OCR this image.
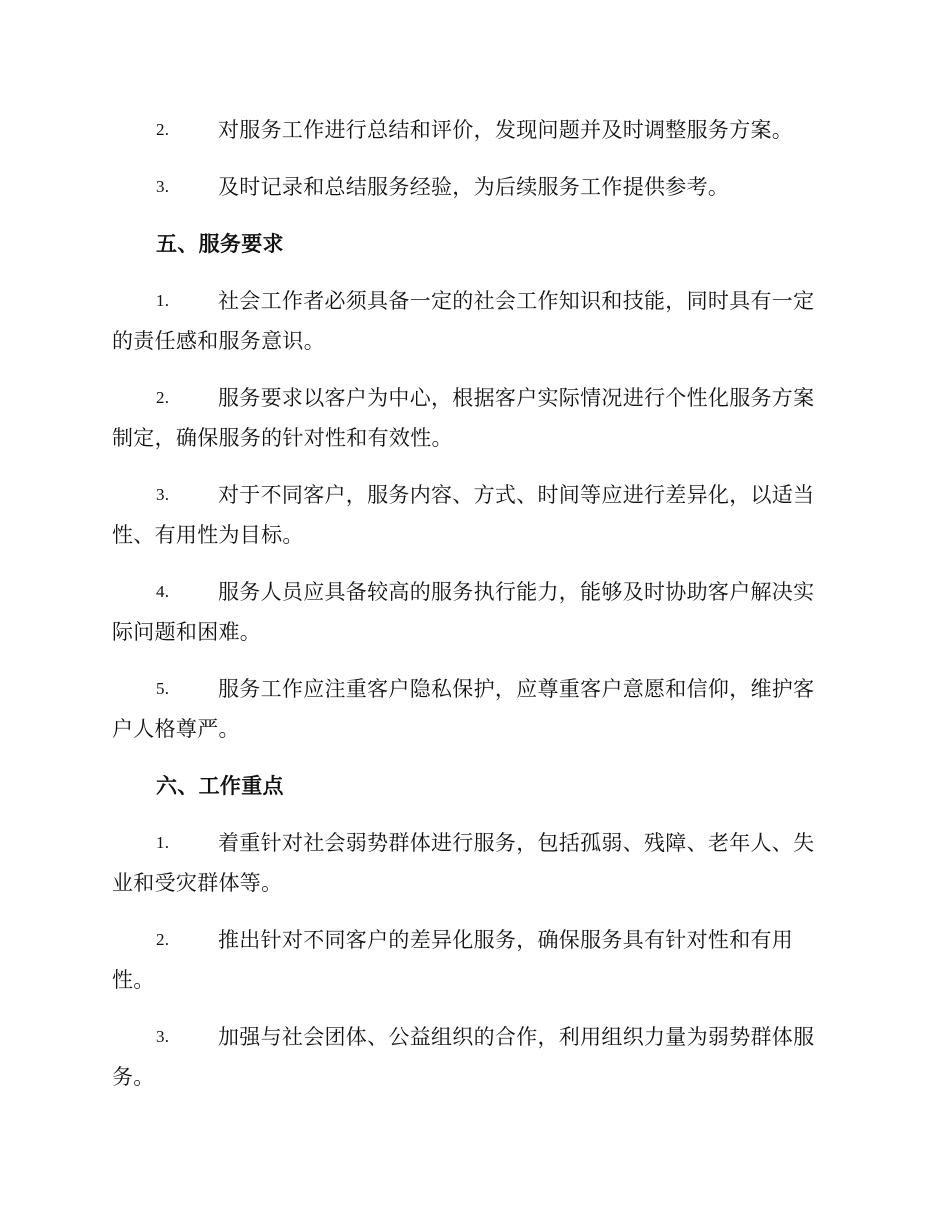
2. 对服务工作进行总结和评价，发现问题并及时调整服务方案。

3. 及时记录和总结服务经验，为后续服务工作提供参考。

五、服务要求

1. 社会工作者必须具备一定的社会工作知识和技能，同时具有一定的责任感和服务意识。

2. 服务要求以客户为中心，根据客户实际情况进行个性化服务方案制定，确保服务的针对性和有效性。

3. 对于不同客户，服务内容、方式、时间等应进行差异化，以适当性、有用性为目标。

4. 服务人员应具备较高的服务执行能力，能够及时协助客户解决实际问题和困难。

5. 服务工作应注重客户隐私保护，应尊重客户意愿和信仰，维护客户人格尊严。

六、工作重点

1. 着重针对社会弱势群体进行服务，包括孤弱、残障、老年人、失业和受灾群体等。

2. 推出针对不同客户的差异化服务，确保服务具有针对性和有用性。

3. 加强与社会团体、公益组织的合作，利用组织力量为弱势群体服务。
